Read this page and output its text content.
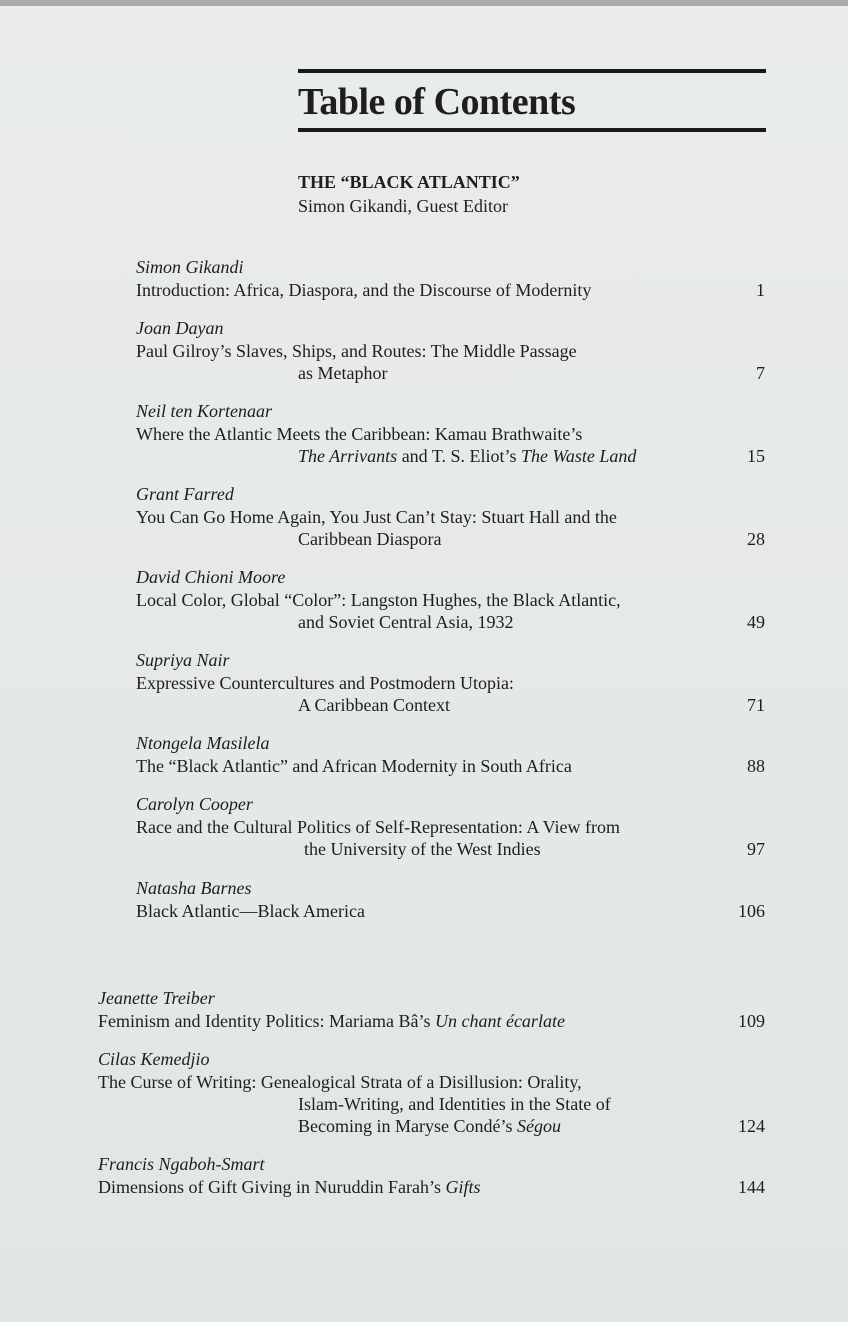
Table of Contents
THE “BLACK ATLANTIC”
Simon Gikandi, Guest Editor
Simon Gikandi
Introduction: Africa, Diaspora, and the Discourse of Modernity	1
Joan Dayan
Paul Gilroy’s Slaves, Ships, and Routes: The Middle Passage
as Metaphor	7
Neil ten Kortenaar
Where the Atlantic Meets the Caribbean: Kamau Brathwaite’s
The Arrivants and T. S. Eliot’s The Waste Land	15
Grant Farred
You Can Go Home Again, You Just Can’t Stay: Stuart Hall and the
Caribbean Diaspora	28
David Chioni Moore
Local Color, Global “Color”: Langston Hughes, the Black Atlantic,
and Soviet Central Asia, 1932	49
Supriya Nair
Expressive Countercultures and Postmodern Utopia:
A Caribbean Context	71
Ntongela Masilela
The “Black Atlantic” and African Modernity in South Africa	88
Carolyn Cooper
Race and the Cultural Politics of Self-Representation: A View from
the University of the West Indies	97
Natasha Barnes
Black Atlantic—Black America	106
Jeanette Treiber
Feminism and Identity Politics: Mariama Bâ’s Un chant écarlate	109
Cilas Kemedjio
The Curse of Writing: Genealogical Strata of a Disillusion: Orality,
Islam-Writing, and Identities in the State of
Becoming in Maryse Condé’s Ségou	124
Francis Ngaboh-Smart
Dimensions of Gift Giving in Nuruddin Farah’s Gifts	144
